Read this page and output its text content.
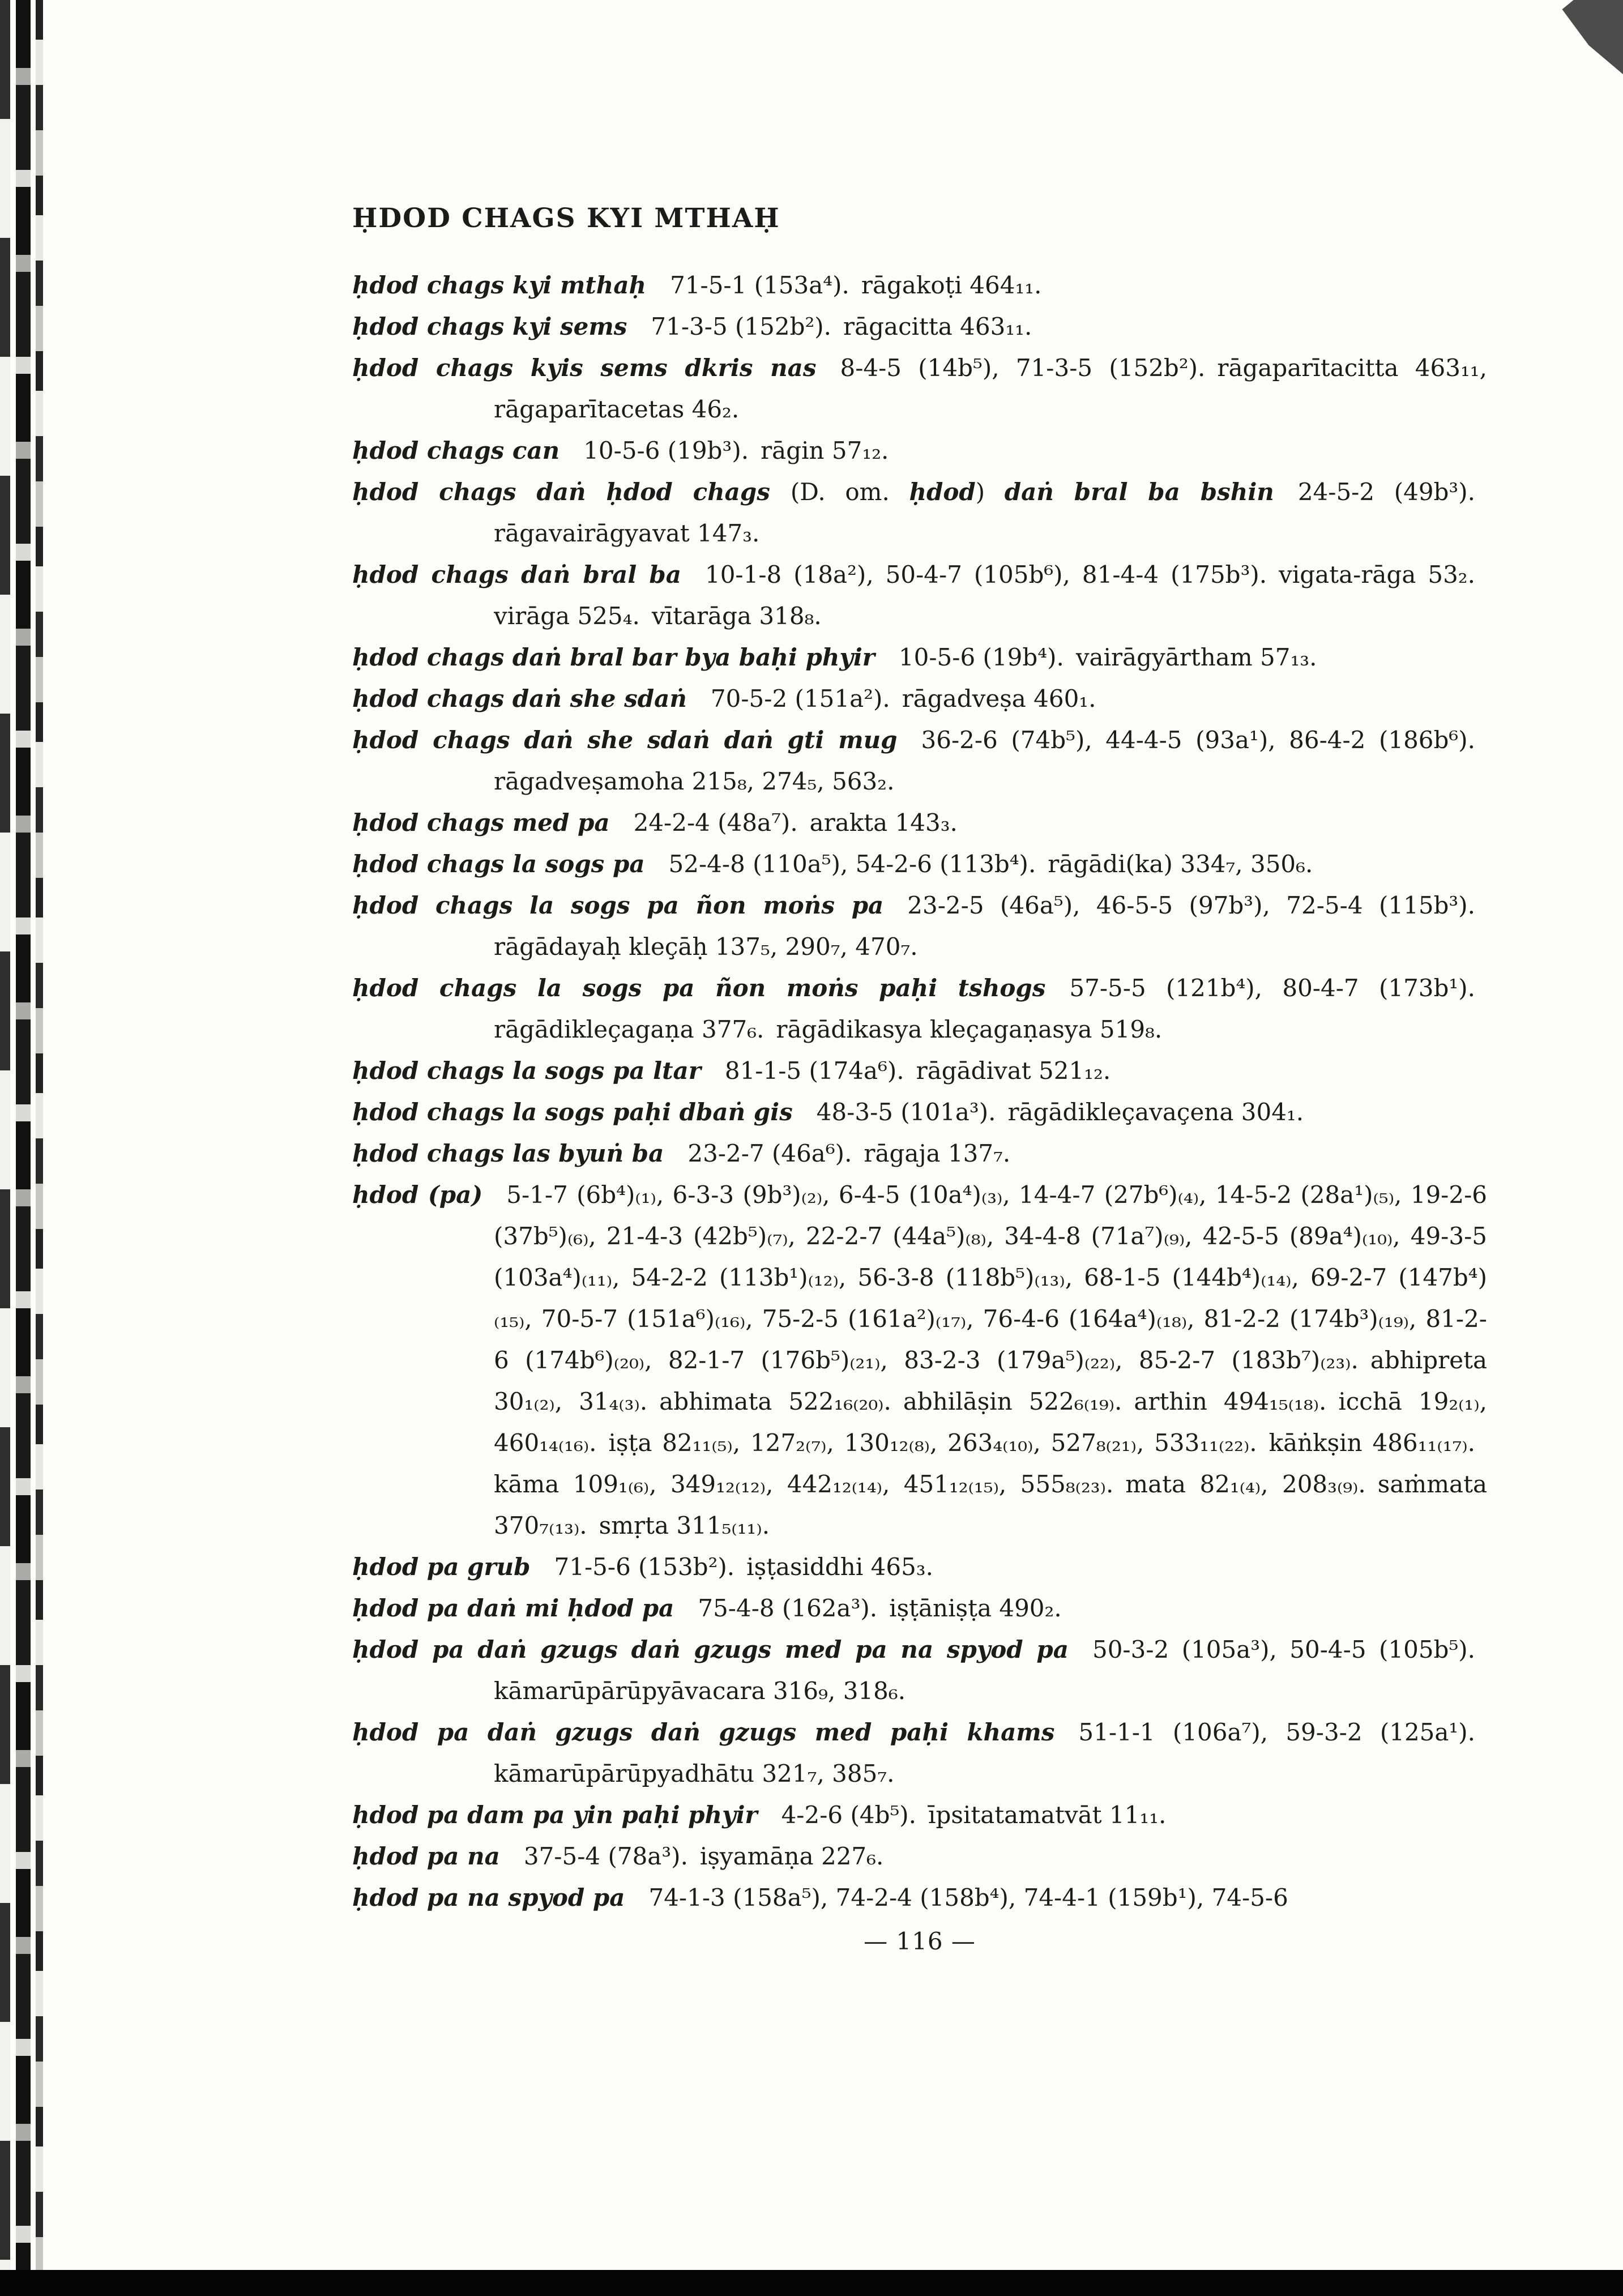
ḤDOD CHAGS KYI MTHAḤ
ḥdod chags kyi mthaḥ 71-5-1 (153a⁴). rāgakoṭi 464₁₁.
ḥdod chags kyi sems 71-3-5 (152b²). rāgacitta 463₁₁.
ḥdod chags kyis sems dkris nas 8-4-5 (14b⁵), 71-3-5 (152b²). rāgaparītacitta 463₁₁, rāgaparītacetas 46₂.
ḥdod chags can 10-5-6 (19b³). rāgin 57₁₂.
ḥdod chags daṅ ḥdod chags (D. om. ḥdod) daṅ bral ba bshin 24-5-2 (49b³). rāgavairāgyavat 147₃.
ḥdod chags daṅ bral ba 10-1-8 (18a²), 50-4-7 (105b⁶), 81-4-4 (175b³). vigata-rāga 53₂. virāga 525₄. vītarāga 318₈.
ḥdod chags daṅ bral bar bya baḥi phyir 10-5-6 (19b⁴). vairāgyārtham 57₁₃.
ḥdod chags daṅ she sdaṅ 70-5-2 (151a²). rāgadveṣa 460₁.
ḥdod chags daṅ she sdaṅ daṅ gti mug 36-2-6 (74b⁵), 44-4-5 (93a¹), 86-4-2 (186b⁶). rāgadveṣamoha 215₈, 274₅, 563₂.
ḥdod chags med pa 24-2-4 (48a⁷). arakta 143₃.
ḥdod chags la sogs pa 52-4-8 (110a⁵), 54-2-6 (113b⁴). rāgādi(ka) 334₇, 350₆.
ḥdod chags la sogs pa ñon moṅs pa 23-2-5 (46a⁵), 46-5-5 (97b³), 72-5-4 (115b³). rāgādayaḥ kleçāḥ 137₅, 290₇, 470₇.
ḥdod chags la sogs pa ñon moṅs paḥi tshogs 57-5-5 (121b⁴), 80-4-7 (173b¹). rāgādikleçagaṇa 377₆. rāgādikasya kleçagaṇasya 519₈.
ḥdod chags la sogs pa ltar 81-1-5 (174a⁶). rāgādivat 521₁₂.
ḥdod chags la sogs paḥi dbaṅ gis 48-3-5 (101a³). rāgādikleçavaçena 304₁.
ḥdod chags las byuṅ ba 23-2-7 (46a⁶). rāgaja 137₇.
ḥdod (pa) 5-1-7 (6b⁴)₍₁₎, 6-3-3 (9b³)₍₂₎, 6-4-5 (10a⁴)₍₃₎, 14-4-7 (27b⁶)₍₄₎, 14-5-2 (28a¹)₍₅₎, 19-2-6 (37b⁵)₍₆₎, 21-4-3 (42b⁵)₍₇₎, 22-2-7 (44a⁵)₍₈₎, 34-4-8 (71a⁷)₍₉₎, 42-5-5 (89a⁴)₍₁₀₎, 49-3-5 (103a⁴)₍₁₁₎, 54-2-2 (113b¹)₍₁₂₎, 56-3-8 (118b⁵)₍₁₃₎, 68-1-5 (144b⁴)₍₁₄₎, 69-2-7 (147b⁴)₍₁₅₎, 70-5-7 (151a⁶)₍₁₆₎, 75-2-5 (161a²)₍₁₇₎, 76-4-6 (164a⁴)₍₁₈₎, 81-2-2 (174b³)₍₁₉₎, 81-2-6 (174b⁶)₍₂₀₎, 82-1-7 (176b⁵)₍₂₁₎, 83-2-3 (179a⁵)₍₂₂₎, 85-2-7 (183b⁷)₍₂₃₎. abhipreta 30₁₍₂₎, 31₄₍₃₎. abhimata 522₁₆₍₂₀₎. abhilāṣin 522₆₍₁₉₎. arthin 494₁₅₍₁₈₎. icchā 19₂₍₁₎, 460₁₄₍₁₆₎. iṣṭa 82₁₁₍₅₎, 127₂₍₇₎, 130₁₂₍₈₎, 263₄₍₁₀₎, 527₈₍₂₁₎, 533₁₁₍₂₂₎. kāṅkṣin 486₁₁₍₁₇₎. kāma 109₁₍₆₎, 349₁₂₍₁₂₎, 442₁₂₍₁₄₎, 451₁₂₍₁₅₎, 555₈₍₂₃₎. mata 82₁₍₄₎, 208₃₍₉₎. saṁmata 370₇₍₁₃₎. smṛta 311₅₍₁₁₎.
ḥdod pa grub 71-5-6 (153b²). iṣṭasiddhi 465₃.
ḥdod pa daṅ mi ḥdod pa 75-4-8 (162a³). iṣṭāniṣṭa 490₂.
ḥdod pa daṅ gzugs daṅ gzugs med pa na spyod pa 50-3-2 (105a³), 50-4-5 (105b⁵). kāmarūpārūpyāvacara 316₉, 318₆.
ḥdod pa daṅ gzugs daṅ gzugs med paḥi khams 51-1-1 (106a⁷), 59-3-2 (125a¹). kāmarūpārūpyadhātu 321₇, 385₇.
ḥdod pa dam pa yin paḥi phyir 4-2-6 (4b⁵). īpsitatamatvāt 11₁₁.
ḥdod pa na 37-5-4 (78a³). iṣyamāṇa 227₆.
ḥdod pa na spyod pa 74-1-3 (158a⁵), 74-2-4 (158b⁴), 74-4-1 (159b¹), 74-5-6
— 116 —
